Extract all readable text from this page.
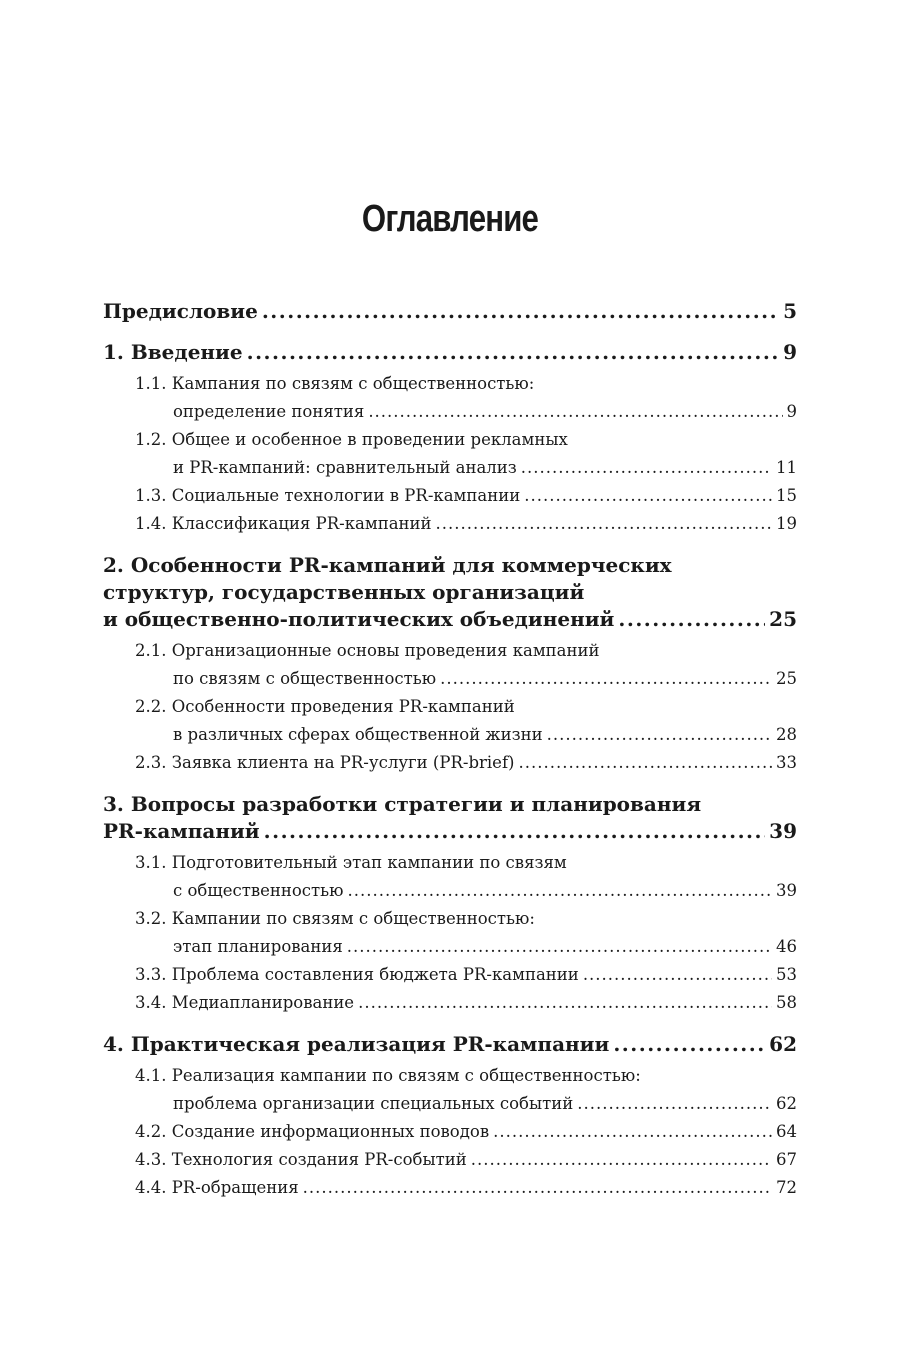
Оглавление
Предисловие .....	5
1. Введение .....	9
1.1. Кампания по связям с общественностью:
определение понятия .....	9
1.2. Общее и особенное в проведении рекламных
и PR-кампаний: сравнительный анализ .....	11
1.3. Социальные технологии в PR-кампании .....	15
1.4. Классификация PR-кампаний .....	19
2. Особенности PR-кампаний для коммерческих
структур, государственных организаций
и общественно-политических объединений .....	25
2.1. Организационные основы проведения кампаний
по связям с общественностью .....	25
2.2. Особенности проведения PR-кампаний
в различных сферах общественной жизни .....	28
2.3. Заявка клиента на PR-услуги (PR-brief) .....	33
3. Вопросы разработки стратегии и планирования
PR-кампаний .....	39
3.1. Подготовительный этап кампании по связям
с общественностью .....	39
3.2. Кампании по связям с общественностью:
этап планирования .....	46
3.3. Проблема составления бюджета PR-кампании .....	53
3.4. Медиапланирование .....	58
4. Практическая реализация PR-кампании .....	62
4.1. Реализация кампании по связям с общественностью:
проблема организации специальных событий .....	62
4.2. Создание информационных поводов .....	64
4.3. Технология создания PR-событий .....	67
4.4. PR-обращения .....	72
